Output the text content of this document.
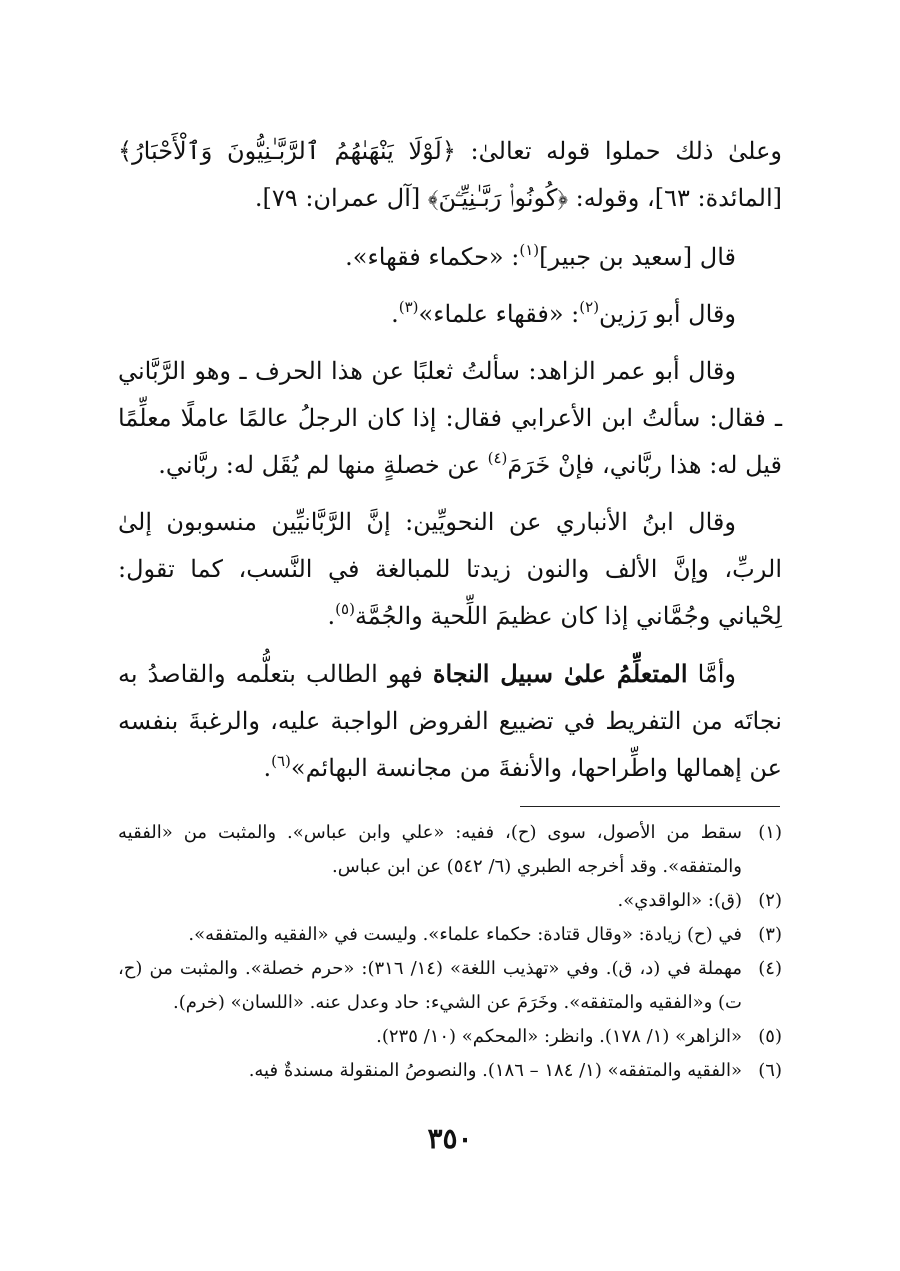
وعلىٰ ذلك حملوا قوله تعالىٰ: ﴿لَوْلَا يَنْهَىٰهُمُ ٱلرَّبَّـٰنِيُّونَ وَٱلْأَحْبَارُ﴾ [المائدة: ٦٣]، وقوله: ﴿كُونُوا۟ رَبَّـٰنِيِّـۧنَ﴾ [آل عمران: ٧٩].

قال [سعيد بن جبير]$^{(١)}$: «حكماء فقهاء».

وقال أبو رَزين$^{(٢)}$: «فقهاء علماء»$^{(٣)}$.

وقال أبو عمر الزاهد: سألتُ ثعلبًا عن هذا الحرف ـ وهو الرَّبَّاني ـ فقال: سألتُ ابن الأعرابي فقال: إذا كان الرجلُ عالمًا عاملًا معلِّمًا قيل له: هذا ربَّاني، فإنْ خَرَمَ$^{(٤)}$ عن خصلةٍ منها لم يُقَل له: ربَّاني.

وقال ابنُ الأنباري عن النحويِّين: إنَّ الرَّبَّانيِّين منسوبون إلىٰ الربِّ، وإنَّ الألف والنون زيدتا للمبالغة في النَّسب، كما تقول: لِحْياني وجُمَّاني إذا كان عظيمَ اللِّحية والجُمَّة$^{(٥)}$.

وأمَّا المتعلِّمُ علىٰ سبيل النجاة فهو الطالب بتعلُّمه والقاصدُ به نجاتَه من التفريط في تضييع الفروض الواجبة عليه، والرغبةَ بنفسه عن إهمالها واطِّراحها، والأنفةَ من مجانسة البهائم»$^{(٦)}$.

(١)
سقط من الأصول، سوى (ح)، ففيه: «علي وابن عباس». والمثبت من «الفقيه والمتفقه». وقد أخرجه الطبري (٦/ ٥٤٢) عن ابن عباس.
(٢)
(ق): «الواقدي».
(٣)
في (ح) زيادة: «وقال قتادة: حكماء علماء». وليست في «الفقيه والمتفقه».
(٤)
مهملة في (د، ق). وفي «تهذيب اللغة» (١٤/ ٣١٦): «حرم خصلة». والمثبت من (ح، ت) و«الفقيه والمتفقه». وخَرَمَ عن الشيء: حاد وعدل عنه. «اللسان» (خرم).
(٥)
«الزاهر» (١/ ١٧٨). وانظر: «المحكم» (١٠/ ٢٣٥).
(٦)
«الفقيه والمتفقه» (١/ ١٨٤ – ١٨٦). والنصوصُ المنقولة مسندةٌ فيه.
٣٥٠
